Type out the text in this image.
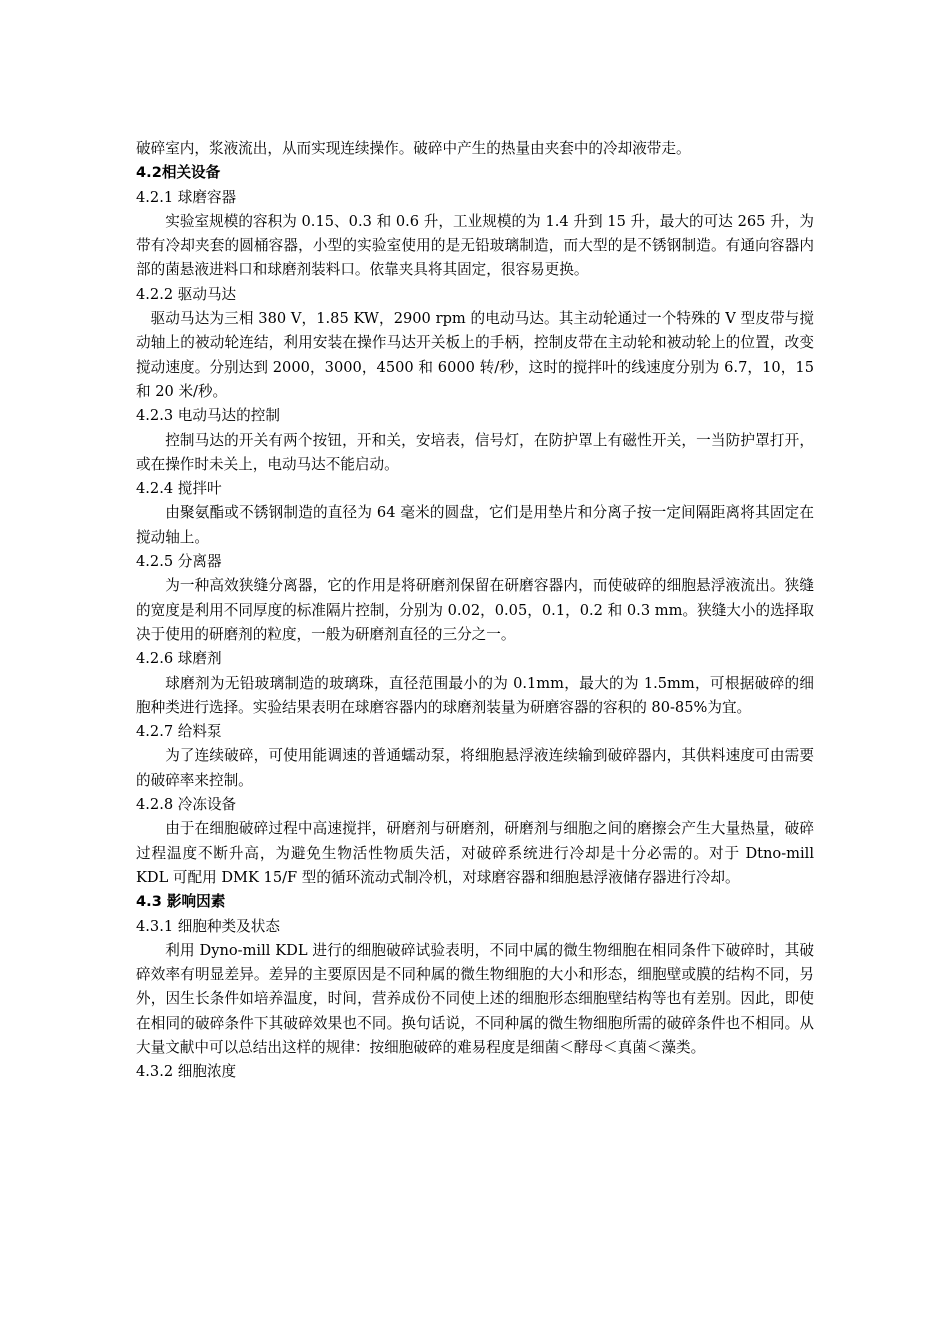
破碎室内，浆液流出，从而实现连续操作。破碎中产生的热量由夹套中的冷却液带走。

4.2相关设备

4.2.1 球磨容器

实验室规模的容积为 0.15、0.3 和 0.6 升，工业规模的为 1.4 升到 15 升，最大的可达 265 升，为带有冷却夹套的圆桶容器，小型的实验室使用的是无铅玻璃制造，而大型的是不锈钢制造。有通向容器内部的菌悬液进料口和球磨剂装料口。依靠夹具将其固定，很容易更换。

4.2.2 驱动马达

驱动马达为三相 380 V，1.85 KW，2900 rpm 的电动马达。其主动轮通过一个特殊的 V 型皮带与搅动轴上的被动轮连结，利用安装在操作马达开关板上的手柄，控制皮带在主动轮和被动轮上的位置，改变搅动速度。分别达到 2000，3000，4500 和 6000 转/秒，这时的搅拌叶的线速度分别为 6.7，10，15 和 20 米/秒。

4.2.3 电动马达的控制

控制马达的开关有两个按钮，开和关，安培表，信号灯，在防护罩上有磁性开关，一当防护罩打开，或在操作时未关上，电动马达不能启动。

4.2.4 搅拌叶

由聚氨酯或不锈钢制造的直径为 64 毫米的圆盘，它们是用垫片和分离子按一定间隔距离将其固定在搅动轴上。

4.2.5 分离器

为一种高效狭缝分离器，它的作用是将研磨剂保留在研磨容器内，而使破碎的细胞悬浮液流出。狭缝的宽度是利用不同厚度的标准隔片控制，分别为 0.02，0.05，0.1，0.2 和 0.3 mm。狭缝大小的选择取决于使用的研磨剂的粒度，一般为研磨剂直径的三分之一。

4.2.6 球磨剂

球磨剂为无铅玻璃制造的玻璃珠，直径范围最小的为 0.1mm，最大的为 1.5mm，可根据破碎的细胞种类进行选择。实验结果表明在球磨容器内的球磨剂装量为研磨容器的容积的 80-85%为宜。

4.2.7 给料泵

为了连续破碎，可使用能调速的普通蠕动泵，将细胞悬浮液连续输到破碎器内，其供料速度可由需要的破碎率来控制。

4.2.8 冷冻设备

由于在细胞破碎过程中高速搅拌，研磨剂与研磨剂，研磨剂与细胞之间的磨擦会产生大量热量，破碎过程温度不断升高，为避免生物活性物质失活，对破碎系统进行冷却是十分必需的。对于 Dtno-mill KDL 可配用 DMK 15/F 型的循环流动式制冷机，对球磨容器和细胞悬浮液储存器进行冷却。

4.3 影响因素

4.3.1 细胞种类及状态

利用 Dyno-mill KDL 进行的细胞破碎试验表明，不同中属的微生物细胞在相同条件下破碎时，其破碎效率有明显差异。差异的主要原因是不同种属的微生物细胞的大小和形态，细胞壁或膜的结构不同，另外，因生长条件如培养温度，时间，营养成份不同使上述的细胞形态细胞壁结构等也有差别。因此，即使在相同的破碎条件下其破碎效果也不同。换句话说，不同种属的微生物细胞所需的破碎条件也不相同。从大量文献中可以总结出这样的规律：按细胞破碎的难易程度是细菌＜酵母＜真菌＜藻类。

4.3.2 细胞浓度
